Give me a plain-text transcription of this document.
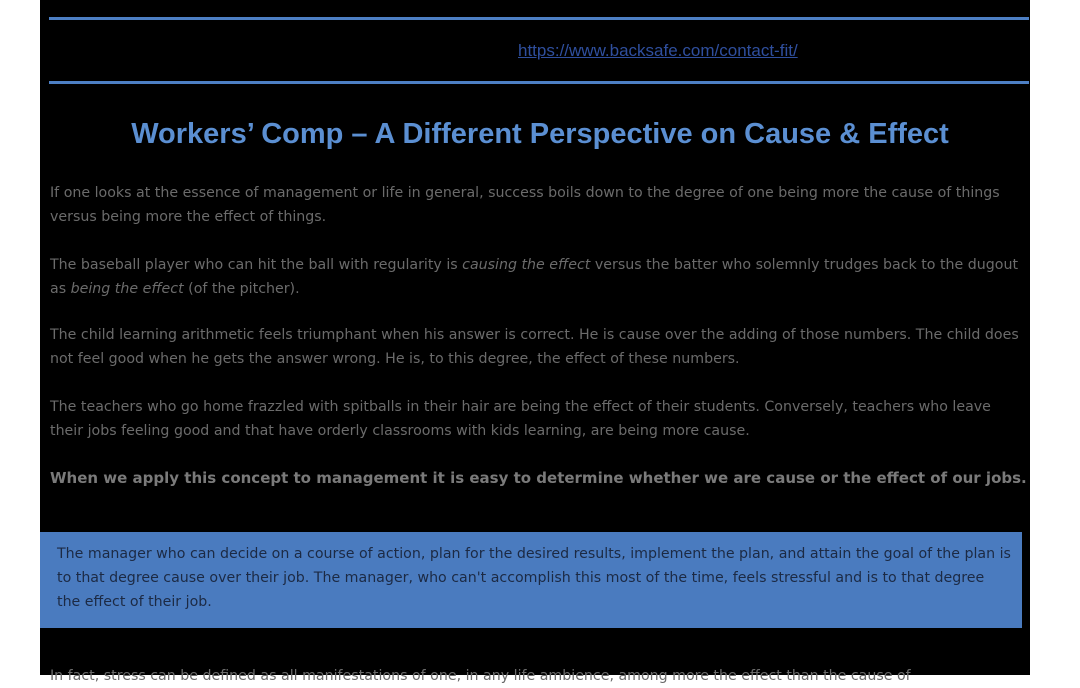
https://www.backsafe.com/contact-fit/
Workers’ Comp – A Different Perspective on Cause & Effect

If one looks at the essence of management or life in general, success boils down to the degree of one being more the cause of things versus being more the effect of things.

The baseball player who can hit the ball with regularity is causing the effect versus the batter who solemnly trudges back to the dugout as being the effect (of the pitcher).

The child learning arithmetic feels triumphant when his answer is correct. He is cause over the adding of those numbers. The child does not feel good when he gets the answer wrong. He is, to this degree, the effect of these numbers.

The teachers who go home frazzled with spitballs in their hair are being the effect of their students. Conversely, teachers who leave their jobs feeling good and that have orderly classrooms with kids learning, are being more cause.

When we apply this concept to management it is easy to determine whether we are cause or the effect of our jobs.

The manager who can decide on a course of action, plan for the desired results, implement the plan, and attain the goal of the plan is to that degree cause over their job. The manager, who can't accomplish this most of the time, feels stressful and is to that degree the effect of their job.

In fact, stress can be defined as all manifestations of one, in any life ambience, among more the effect than the cause of
